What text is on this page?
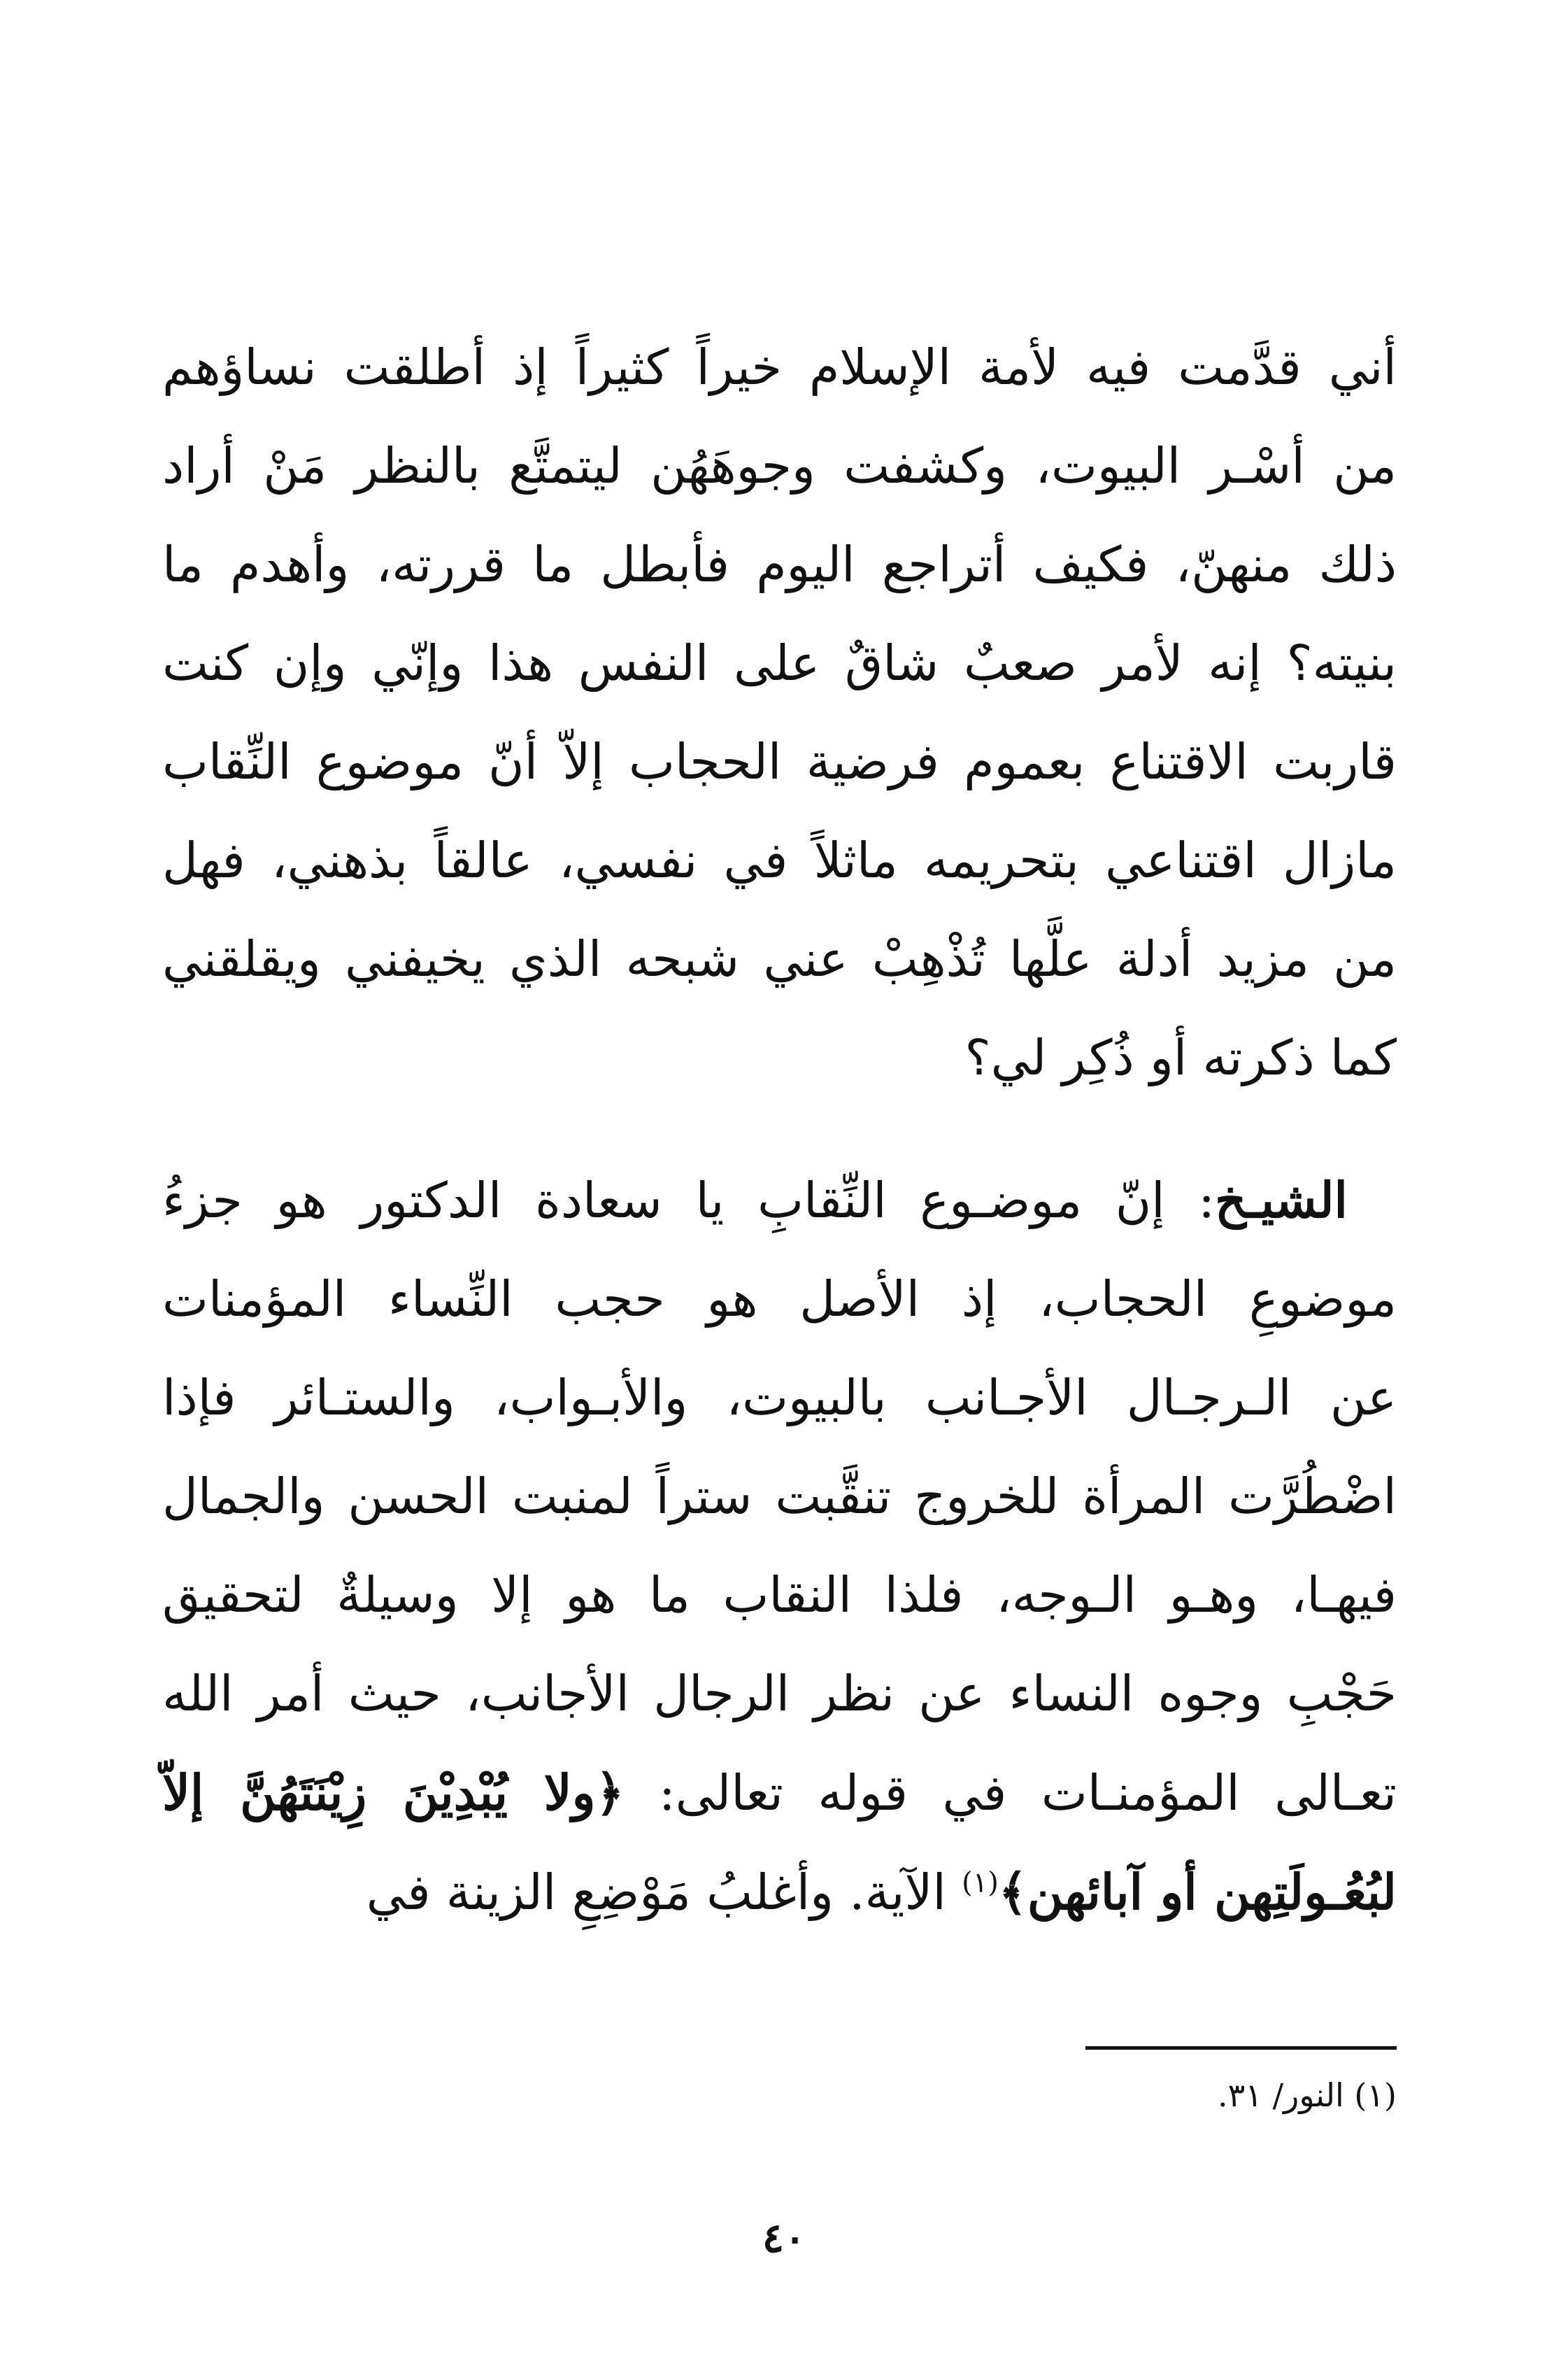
أني قدَّمت فيه لأمة الإسلام خيراً كثيراً إذ أطلقت نساؤهم
من أسْـر البيوت، وكشفت وجوهَهُن ليتمتَّع بالنظر مَنْ أراد
ذلك منهنّ، فكيف أتراجع اليوم فأبطل ما قررته، وأهدم ما
بنيته؟ إنه لأمر صعبٌ شاقٌ على النفس هذا وإنّي وإن كنت
قاربت الاقتناع بعموم فرضية الحجاب إلاّ أنّ موضوع النِّقاب
مازال اقتناعي بتحريمه ماثلاً في نفسي، عالقاً بذهني، فهل
من مزيد أدلة علَّها تُذْهِبْ عني شبحه الذي يخيفني ويقلقني
كما ذكرته أو ذُكِر لي؟
الشيـخ: إنّ موضـوع النِّقابِ يا سعادة الدكتور هو جزءُ
موضوعِ الحجاب، إذ الأصل هو حجب النِّساء المؤمنات
عن الـرجـال الأجـانب بالبيوت، والأبـواب، والستـائر فإذا
اضْطُرَّت المرأة للخروج تنقَّبت ستراً لمنبت الحسن والجمال
فيهـا، وهـو الـوجه، فلذا النقاب ما هو إلا وسيلةٌ لتحقيق
حَجْبِ وجوه النساء عن نظر الرجال الأجانب، حيث أمر الله
تعـالى المؤمنـات في قوله تعالى: ﴿ولا يُبْدِيْنَ زِيْنَتَهُنَّ إلاّ
لبُعُـولَتِهن أو آبائهن﴾$^{(١)}$ الآية. وأغلبُ مَوْضِعِ الزينة في
(١) النور/ ٣١.
٤٠
